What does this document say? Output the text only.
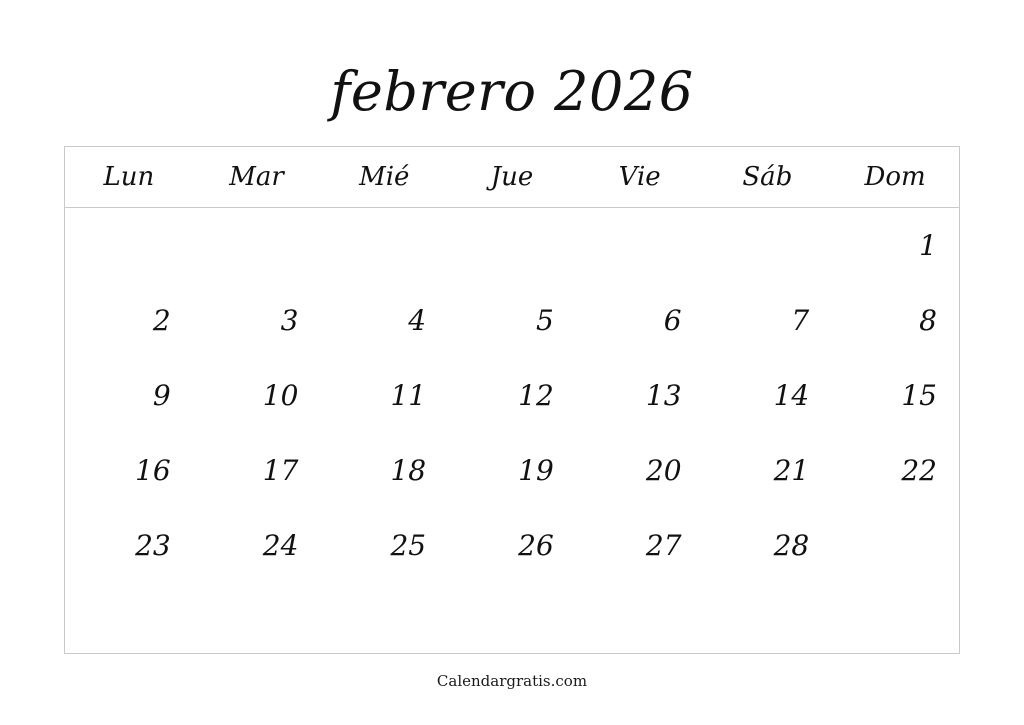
febrero 2026
Lun	Mar	Mié	Jue	Vie	Sáb	Dom
						1
2	3	4	5	6	7	8
9	10	11	12	13	14	15
16	17	18	19	20	21	22
23	24	25	26	27	28	

Calendargratis.com
